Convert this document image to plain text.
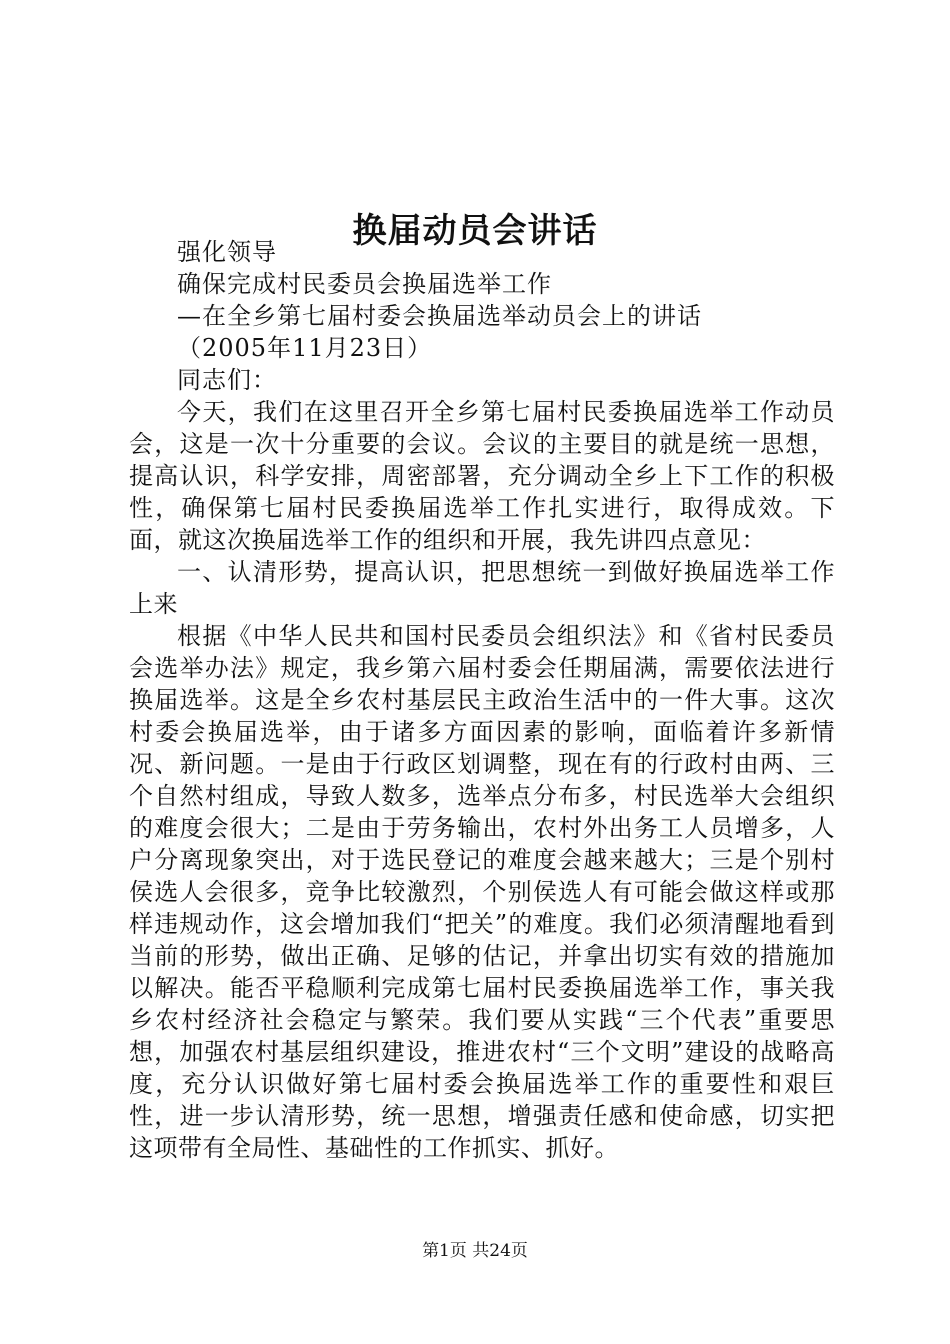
换届动员会讲话

强化领导

确保完成村民委员会换届选举工作

—在全乡第七届村委会换届选举动员会上的讲话

（2005年11月23日）

同志们：

今天，我们在这里召开全乡第七届村民委换届选举工作动员会，这是一次十分重要的会议。会议的主要目的就是统一思想，提高认识，科学安排，周密部署，充分调动全乡上下工作的积极性，确保第七届村民委换届选举工作扎实进行，取得成效。下面，就这次换届选举工作的组织和开展，我先讲四点意见：

一、认清形势，提高认识，把思想统一到做好换届选举工作上来

根据《中华人民共和国村民委员会组织法》和《省村民委员会选举办法》规定，我乡第六届村委会任期届满，需要依法进行换届选举。这是全乡农村基层民主政治生活中的一件大事。这次村委会换届选举，由于诸多方面因素的影响，面临着许多新情况、新问题。一是由于行政区划调整，现在有的行政村由两、三个自然村组成，导致人数多，选举点分布多，村民选举大会组织的难度会很大；二是由于劳务输出，农村外出务工人员增多，人户分离现象突出，对于选民登记的难度会越来越大；三是个别村侯选人会很多，竞争比较激烈，个别侯选人有可能会做这样或那样违规动作，这会增加我们“把关”的难度。我们必须清醒地看到当前的形势，做出正确、足够的估记，并拿出切实有效的措施加以解决。能否平稳顺利完成第七届村民委换届选举工作，事关我乡农村经济社会稳定与繁荣。我们要从实践“三个代表”重要思想，加强农村基层组织建设，推进农村“三个文明”建设的战略高度，充分认识做好第七届村委会换届选举工作的重要性和艰巨性，进一步认清形势，统一思想，增强责任感和使命感，切实把这项带有全局性、基础性的工作抓实、抓好。

第1页 共24页
